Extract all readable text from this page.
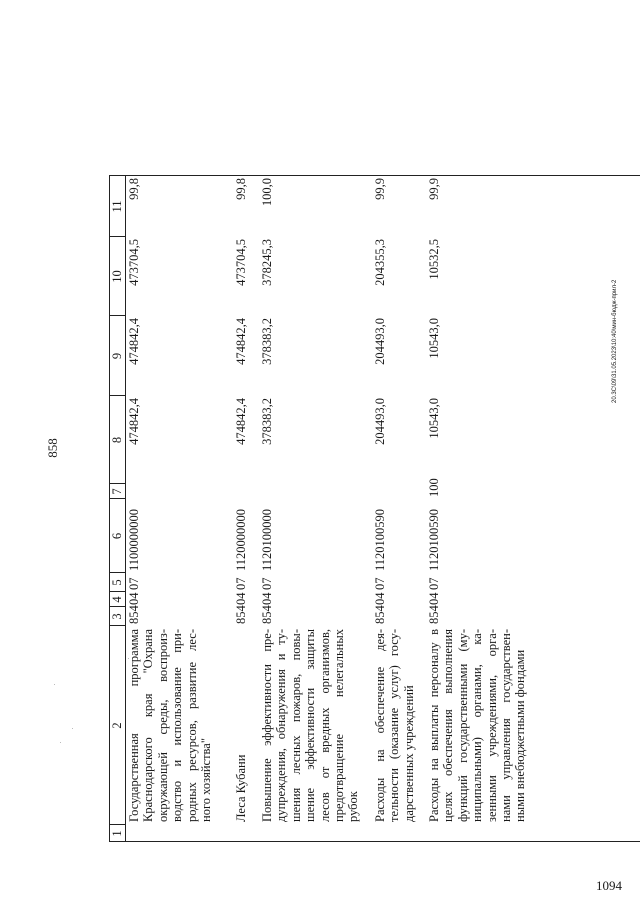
858
1094
20.3С\09\31.05.2023\10:40\мин-бюдж-прил-2
1
2
3
4
5
6
7
8
9
10
11
Государственная программа Краснодарского края "Охрана окружающей среды, воспроиз- водство и использование при- родных ресурсов, развитие лес- ного хозяйства"
854
04
07
1100000000
474842,4
474842,4
473704,5
99,8
Леса Кубани
854
04
07
1120000000
474842,4
474842,4
473704,5
99,8
Повышение эффективности пре- дупреждения, обнаружения и ту- шения лесных пожаров, повы- шение эффективности защиты лесов от вредных организмов, предотвращение нелегальных рубок
854
04
07
1120100000
378383,2
378383,2
378245,3
100,0
Расходы на обеспечение дея- тельности (оказание услуг) госу- дарственных учреждений
854
04
07
1120100590
204493,0
204493,0
204355,3
99,9
Расходы на выплаты персоналу в целях обеспечения выполнения функций государственными (му- ниципальными) органами, ка- зенными учреждениями, орга- нами управления государствен- ными внебюджетными фондами
854
04
07
1120100590
100
10543,0
10543,0
10532,5
99,9
